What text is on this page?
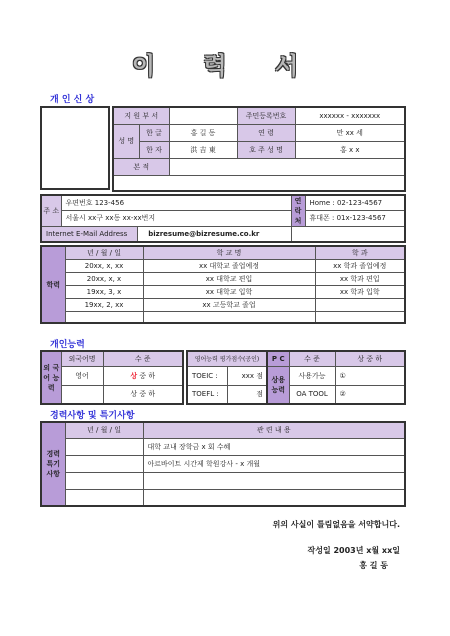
이 력 서
개 인 신 상
지 원 부 서			주민등록번호	xxxxxx - xxxxxxx
성 명	한 글	홍 길 동	연 령	만 xx 세
	한 자	洪 吉 東	호 주 성 명	홍 x x
본 적				

주 소	우편번호 123-456	연락처	Home : 02-123-4567
	서울시 xx구 xx동 xx-xx번지		휴대폰 : 01x-123-4567
Internet E-Mail Address bizresume@bizresume.co.kr			
학력	년 / 월 / 일	학 교 명	학 과
	20xx, x, xx	xx 대학교 졸업예정	xx 학과 졸업예정
	20xx, x, x	xx 대학교 편입	xx 학과 편입
	19xx, 3, x	xx 대학교 입학	xx 학과 입학
	19xx, 2, xx	xx 고등학교 졸업	

개인능력
외 국 어 능 력	외국어명	수 준
	영어	상 중 하
		상 중 하
영어능력 평가점수(공인)	
TOEIC :	xxx 점
TOEFL :	점
P C	수 준	상 중 하
상용 능력	사용가능	①
	OA TOOL	②
경력사항 및 특기사항
경력 특기 사항	년 / 월 / 일	관 련 내 용
		대학 교내 장학금 x 회 수혜
		아르바이트 시간제 학원강사 - x 개월

위의 사실이 틀림없음을 서약합니다.
작성일 2003년 x월 xx일
홍 길 동
